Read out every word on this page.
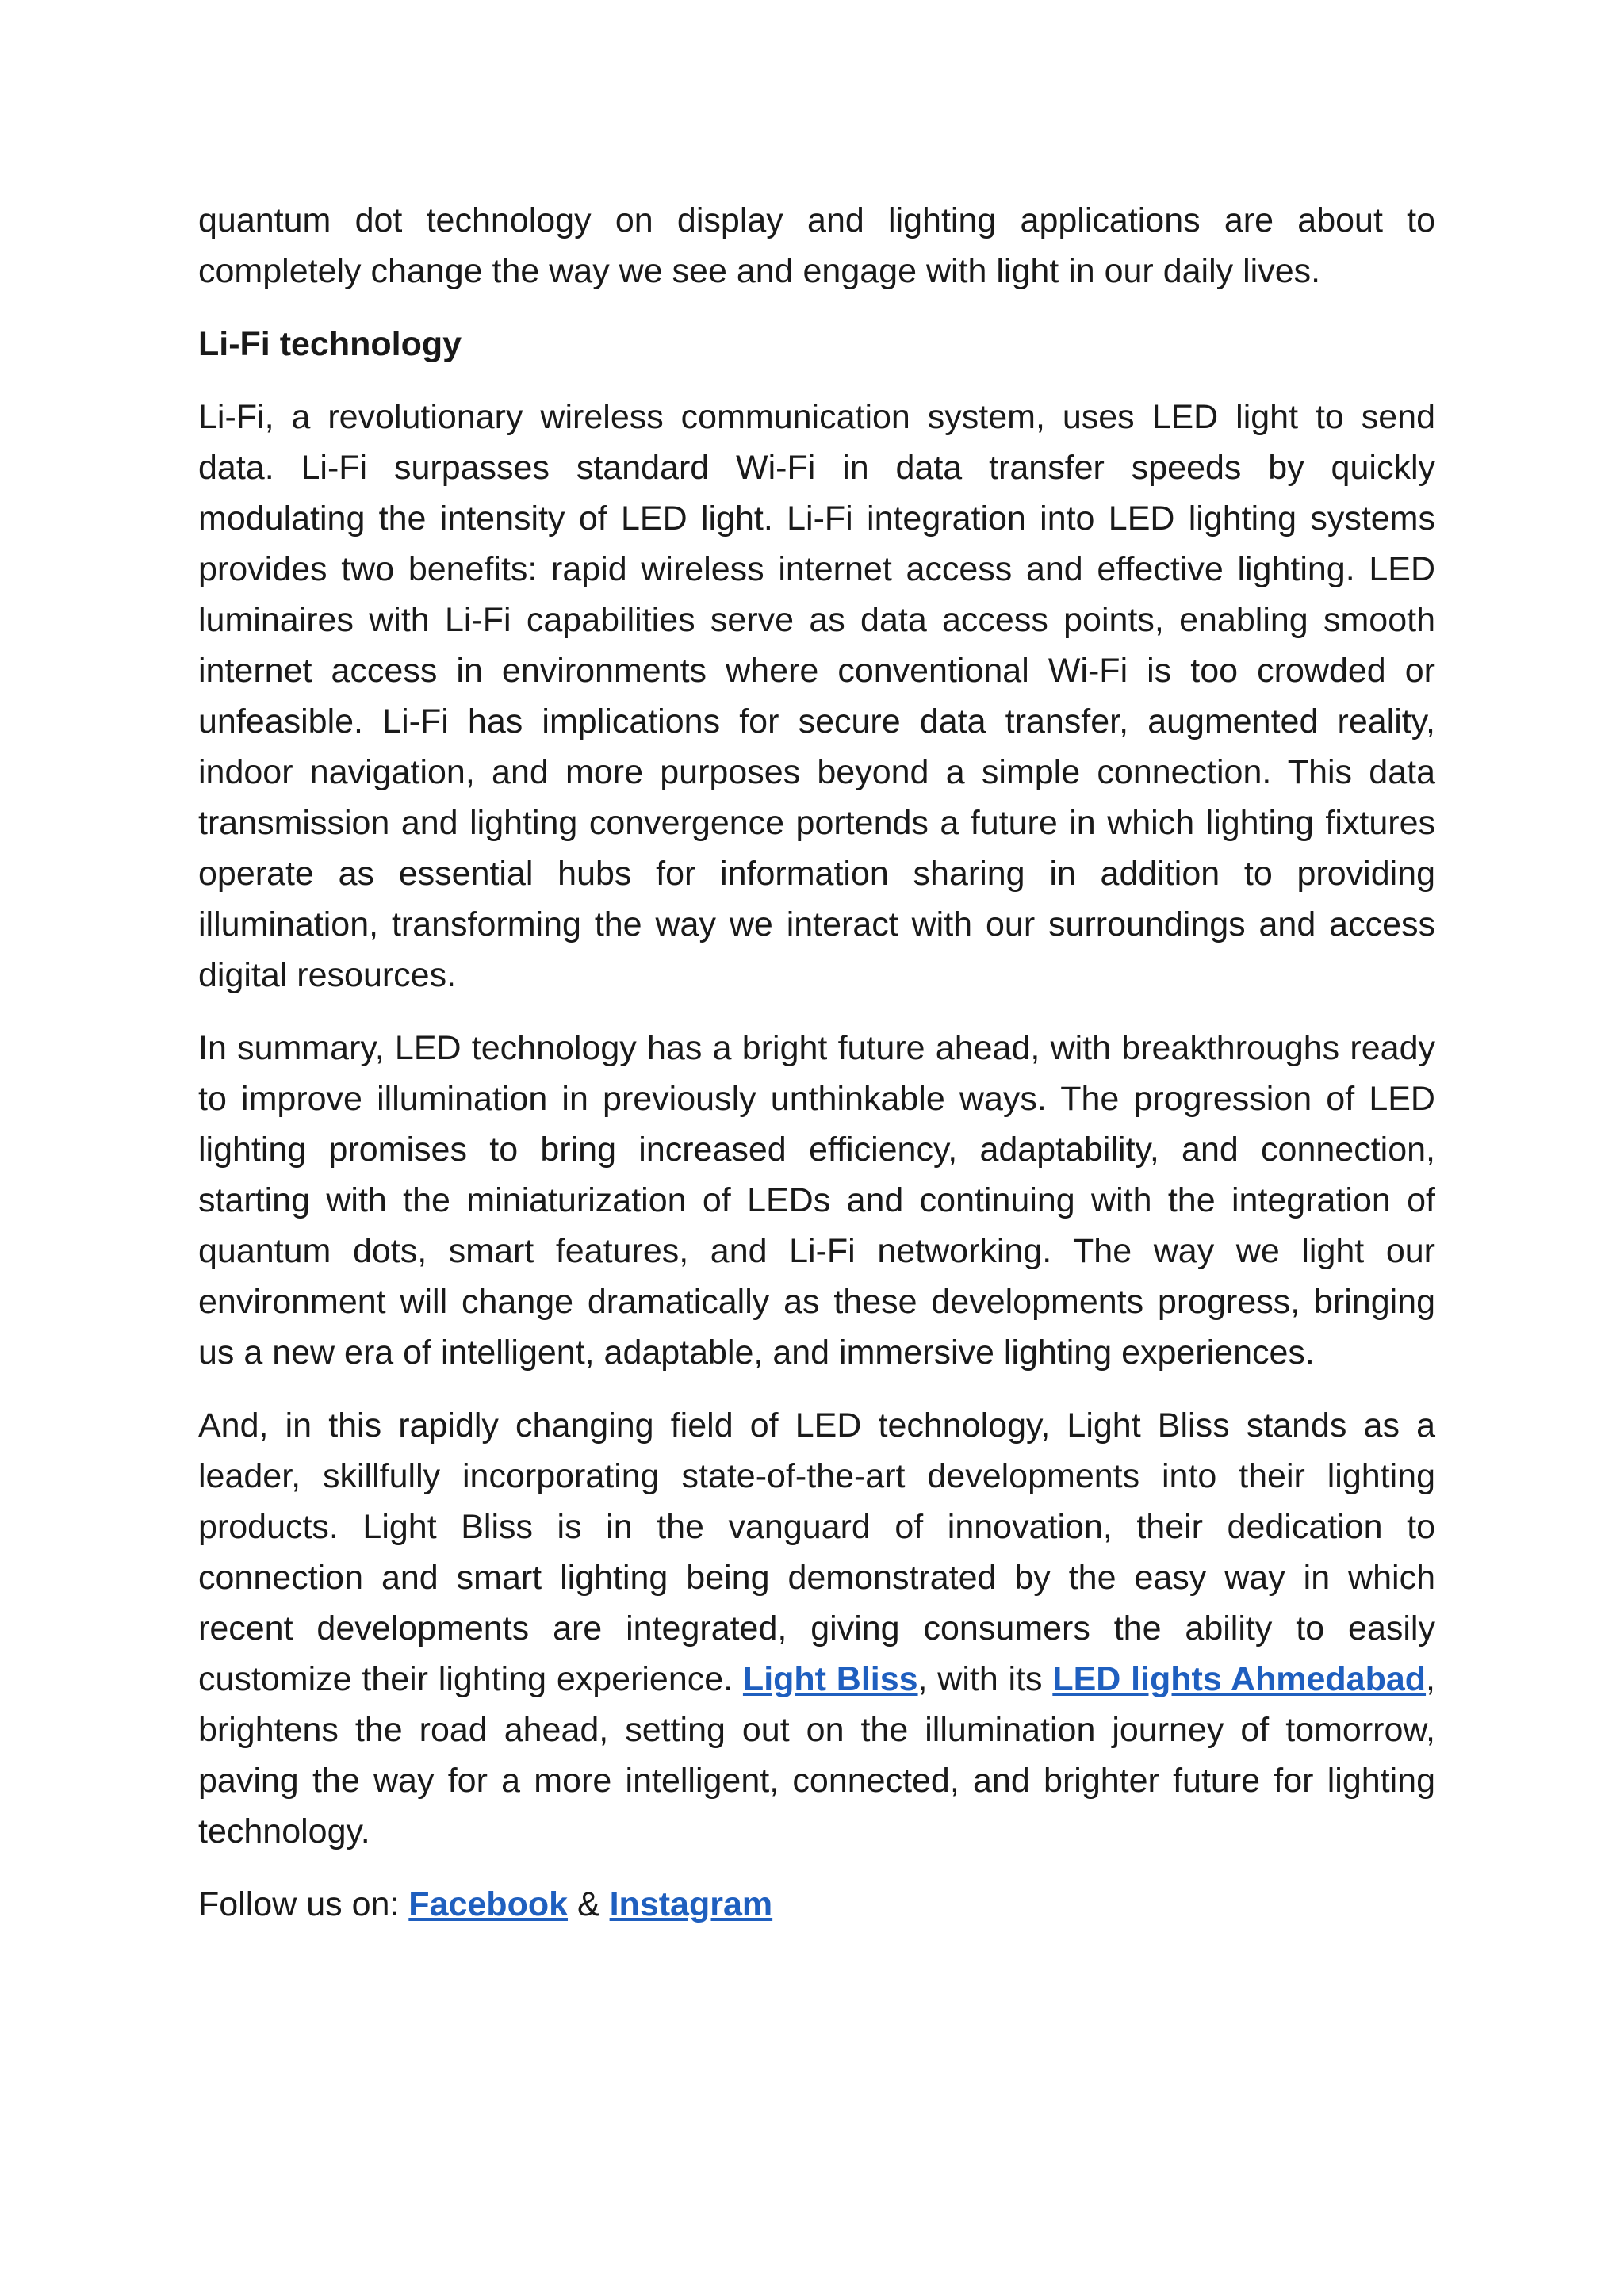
quantum dot technology on display and lighting applications are about to completely change the way we see and engage with light in our daily lives.

Li-Fi technology

Li-Fi, a revolutionary wireless communication system, uses LED light to send data. Li-Fi surpasses standard Wi-Fi in data transfer speeds by quickly modulating the intensity of LED light. Li-Fi integration into LED lighting systems provides two benefits: rapid wireless internet access and effective lighting. LED luminaires with Li-Fi capabilities serve as data access points, enabling smooth internet access in environments where conventional Wi-Fi is too crowded or unfeasible. Li-Fi has implications for secure data transfer, augmented reality, indoor navigation, and more purposes beyond a simple connection. This data transmission and lighting convergence portends a future in which lighting fixtures operate as essential hubs for information sharing in addition to providing illumination, transforming the way we interact with our surroundings and access digital resources.

In summary, LED technology has a bright future ahead, with breakthroughs ready to improve illumination in previously unthinkable ways. The progression of LED lighting promises to bring increased efficiency, adaptability, and connection, starting with the miniaturization of LEDs and continuing with the integration of quantum dots, smart features, and Li-Fi networking. The way we light our environment will change dramatically as these developments progress, bringing us a new era of intelligent, adaptable, and immersive lighting experiences.

And, in this rapidly changing field of LED technology, Light Bliss stands as a leader, skillfully incorporating state-of-the-art developments into their lighting products. Light Bliss is in the vanguard of innovation, their dedication to connection and smart lighting being demonstrated by the easy way in which recent developments are integrated, giving consumers the ability to easily customize their lighting experience. Light Bliss, with its LED lights Ahmedabad, brightens the road ahead, setting out on the illumination journey of tomorrow, paving the way for a more intelligent, connected, and brighter future for lighting technology.

Follow us on: Facebook & Instagram
